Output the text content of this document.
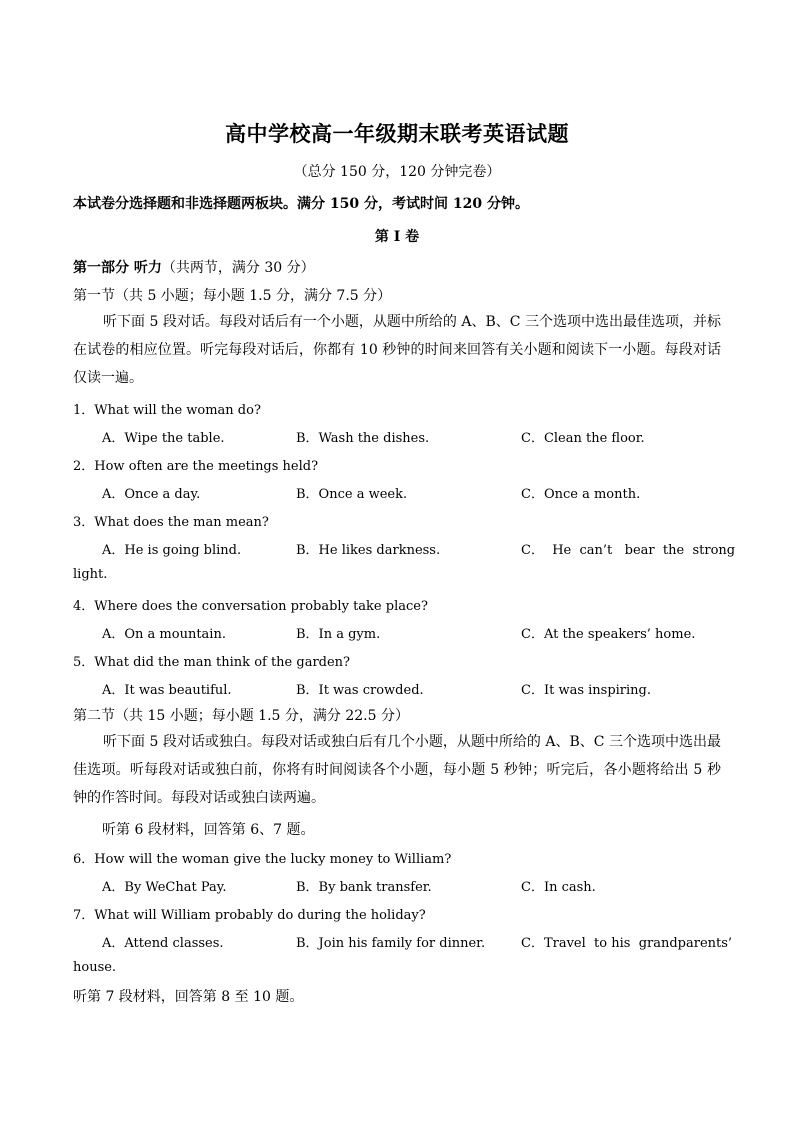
高中学校高一年级期末联考英语试题
（总分 150 分，120 分钟完卷）
本试卷分选择题和非选择题两板块。满分 150 分，考试时间 120 分钟。
第 I 卷
第一部分 听力（共两节，满分 30 分）
第一节（共 5 小题；每小题 1.5 分，满分 7.5 分）
听下面 5 段对话。每段对话后有一个小题，从题中所给的 A、B、C 三个选项中选出最佳选项，并标在试卷的相应位置。听完每段对话后，你都有 10 秒钟的时间来回答有关小题和阅读下一小题。每段对话仅读一遍。
1．What will the woman do?
A．Wipe the table.	B．Wash the dishes.	C．Clean the floor.
2．How often are the meetings held?
A．Once a day.	B．Once a week.	C．Once a month.
3．What does the man mean?
A．He is going blind.	B．He likes darkness.	C．  He  can’t   bear  the  strong
light.
4．Where does the conversation probably take place?
A．On a mountain.	B．In a gym.	C．At the speakers’ home.
5．What did the man think of the garden?
A．It was beautiful.	B．It was crowded.	C．It was inspiring.
第二节（共 15 小题；每小题 1.5 分，满分 22.5 分）
听下面 5 段对话或独白。每段对话或独白后有几个小题，从题中所给的 A、B、C 三个选项中选出最佳选项。听每段对话或独白前，你将有时间阅读各个小题，每小题 5 秒钟；听完后，各小题将给出 5 秒钟的作答时间。每段对话或独白读两遍。
听第 6 段材料，回答第 6、7 题。
6．How will the woman give the lucky money to William?
A．By WeChat Pay.	B．By bank transfer.	C．In cash.
7．What will William probably do during the holiday?
A．Attend classes.	B．Join his family for dinner.	C．Travel  to his  grandparents’
house.
听第 7 段材料，回答第 8 至 10 题。
